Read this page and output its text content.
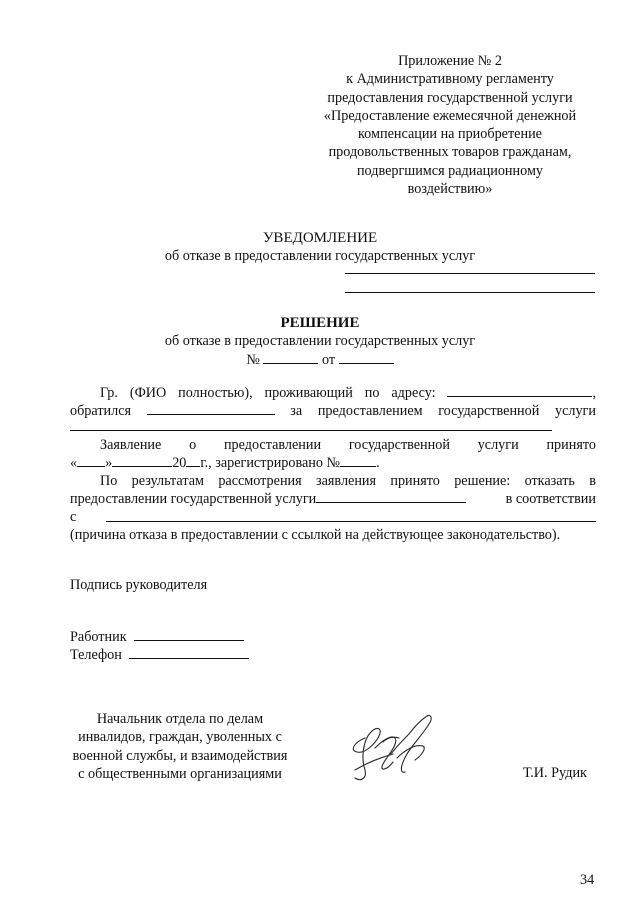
Приложение № 2
к Административному регламенту
предоставления государственной услуги
«Предоставление ежемесячной денежной
компенсации на приобретение
продовольственных товаров гражданам,
подвергшимся радиационному
воздействию»
УВЕДОМЛЕНИЕ
об отказе в предоставлении государственных услуг
РЕШЕНИЕ
об отказе в предоставлении государственных услуг
№	от
Гр. (ФИО полностью), проживающий по адресу:	,
обратился	за предоставлением государственной услуги
Заявление о предоставлении государственной услуги принято
« »	20 г., зарегистрировано №	.
По результатам рассмотрения заявления принято решение: отказать в
предоставлении государственной услуги	в соответствии
с
(причина отказа в предоставлении с ссылкой на действующее законодательство).
Подпись руководителя
Работник
Телефон
Начальник отдела по делам
инвалидов, граждан, уволенных с
военной службы, и взаимодействия
с общественными организациями	Т.И. Рудик
34
